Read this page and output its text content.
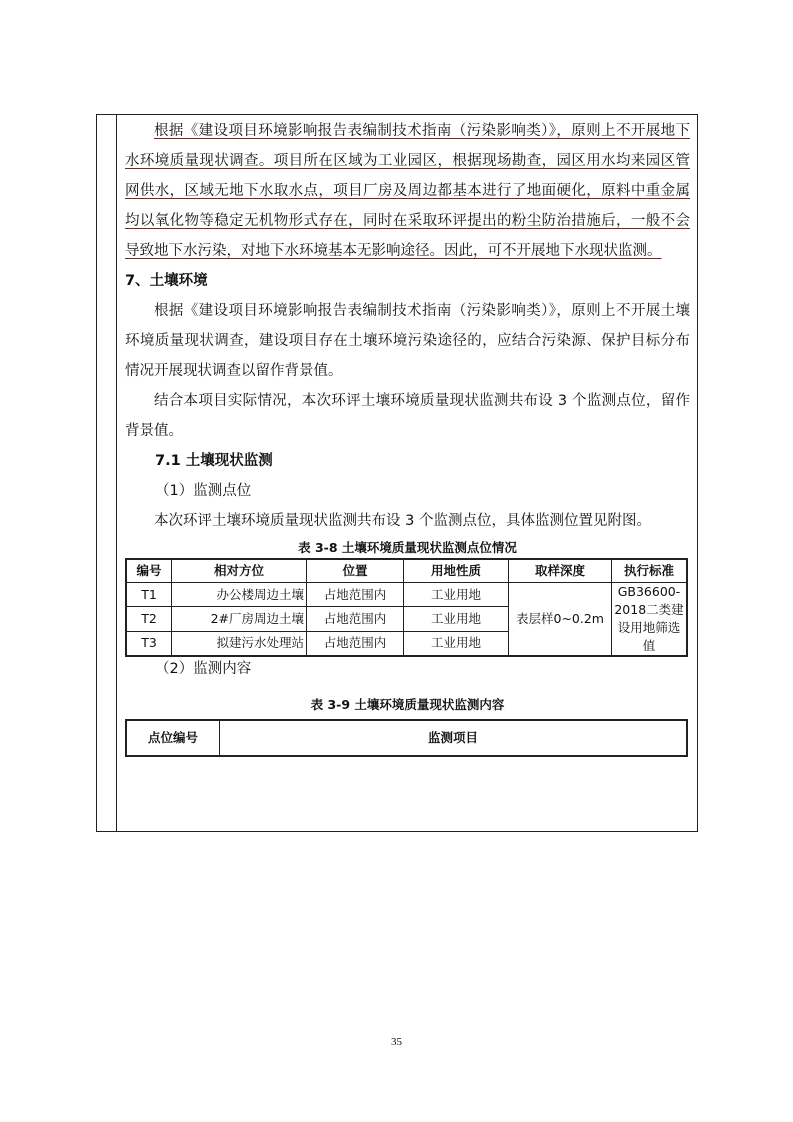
根据《建设项目环境影响报告表编制技术指南（污染影响类）》，原则上不开展地下水环境质量现状调查。项目所在区域为工业园区，根据现场勘查，园区用水均来园区管网供水，区域无地下水取水点，项目厂房及周边都基本进行了地面硬化，原料中重金属均以氧化物等稳定无机物形式存在，同时在采取环评提出的粉尘防治措施后，一般不会导致地下水污染，对地下水环境基本无影响途径。因此，可不开展地下水现状监测。

7、土壤环境

根据《建设项目环境影响报告表编制技术指南（污染影响类）》，原则上不开展土壤环境质量现状调查，建设项目存在土壤环境污染途径的，应结合污染源、保护目标分布情况开展现状调查以留作背景值。

结合本项目实际情况，本次环评土壤环境质量现状监测共布设 3 个监测点位，留作背景值。

7.1 土壤现状监测

（1）监测点位

本次环评土壤环境质量现状监测共布设 3 个监测点位，具体监测位置见附图。

表 3-8 土壤环境质量现状监测点位情况

编号	相对方位	位置	用地性质	取样深度	执行标准
T1	办公楼周边土壤	占地范围内	工业用地	表层样0~0.2m	GB36600-2018二类建设用地筛选值
T2	2#厂房周边土壤	占地范围内	工业用地		
T3	拟建污水处理站	占地范围内	工业用地		

（2）监测内容

表 3-9 土壤环境质量现状监测内容

点位编号	监测项目
35
